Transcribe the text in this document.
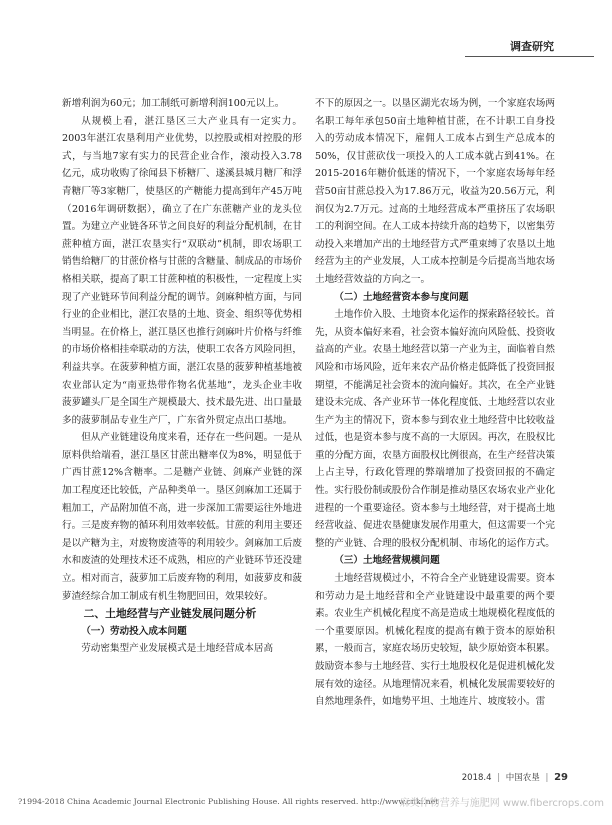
调查研究

新增利润为60元；加工制纸可新增利润100元以上。

从规模上看，湛江垦区三大产业具有一定实力。2003年湛江农垦利用产业优势，以控股或相对控股的形式，与当地7家有实力的民营企业合作，滚动投入3.78 亿元，成功收购了徐闻县下桥糖厂、遂溪县城月糖厂和浮青糖厂等3家糖厂，使垦区的产糖能力提高到年产45万吨（2016年调研数据），确立了在广东蔗糖产业的龙头位置。为建立产业链各环节之间良好的利益分配机制，在甘蔗种植方面，湛江农垦实行“双联动”机制，即农场职工销售给糖厂的甘蔗价格与甘蔗的含糖量、制成品的市场价格相关联，提高了职工甘蔗种植的积极性，一定程度上实现了产业链环节间利益分配的调节。剑麻种植方面，与同行业的企业相比，湛江农垦的土地、资金、组织等优势相当明显。在价格上，湛江垦区也推行剑麻叶片价格与纤维的市场价格相挂牵联动的方法，使职工农各方风险同担，利益共享。在菠萝种植方面，湛江农垦的菠萝种植基地被农业部认定为“南亚热带作物名优基地”，龙头企业丰收菠萝罐头厂是全国生产规模最大、技术最先进、出口量最多的菠萝制品专业生产厂，广东省外贸定点出口基地。

但从产业链建设角度来看，还存在一些问题。一是从原料供给端看，湛江垦区甘蔗出糖率仅为8%，明显低于广西甘蔗12%含糖率。二是糖产业链、剑麻产业链的深加工程度还比较低，产品种类单一。垦区剑麻加工还属于粗加工，产品附加值不高，进一步深加工需要运往外地进行。三是废弃物的循环利用效率较低。甘蔗的利用主要还是以产糖为主，对废物废渣等的利用较少。剑麻加工后废水和废渣的处理技术还不成熟，相应的产业链环节还没建立。相对而言，菠萝加工后废弃物的利用，如菠萝皮和菠萝渣经综合加工制成有机生物肥回田，效果较好。

二、土地经营与产业链发展问题分析

（一）劳动投入成本问题

劳动密集型产业发展模式是土地经营成本居高

不下的原因之一。以垦区湖光农场为例，一个家庭农场两名职工每年承包50亩土地种植甘蔗，在不计职工自身投入的劳动成本情况下，雇佣人工成本占到生产总成本的50%，仅甘蔗砍伐一项投入的人工成本就占到41%。在2015-2016年糖价低迷的情况下，一个家庭农场每年经营50亩甘蔗总投入为17.86万元，收益为20.56万元，利润仅为2.7万元。过高的土地经营成本严重挤压了农场职工的利润空间。在人工成本持续升高的趋势下，以密集劳动投入来增加产出的土地经营方式严重束缚了农垦以土地经营为主的产业发展，人工成本控制是今后提高当地农场土地经营效益的方向之一。

（二）土地经营资本参与度问题

土地作价入股、土地资本化运作的探索路径较长。首先，从资本偏好来看，社会资本偏好流向风险低、投资收益高的产业。农垦土地经营以第一产业为主，面临着自然风险和市场风险，近年来农产品价格走低降低了投资回报期望，不能满足社会资本的流向偏好。其次，在全产业链建设未完成、各产业环节一体化程度低、土地经营以农业生产为主的情况下，资本参与到农业土地经营中比较收益过低，也是资本参与度不高的一大原因。再次，在股权比重的分配方面，农垦方面股权比例很高，在生产经营决策上占主导，行政化管理的弊端增加了投资回报的不确定性。实行股份制或股份合作制是推动垦区农场农业产业化进程的一个重要途径。资本参与土地经营，对于提高土地经营收益、促进农垦健康发展作用重大，但这需要一个完整的产业链、合理的股权分配机制、市场化的运作方式。

（三）土地经营规模问题

土地经营规模过小，不符合全产业链建设需要。资本和劳动力是土地经营和全产业链建设中最重要的两个要素。农业生产机械化程度不高是造成土地规模化程度低的一个重要原因。机械化程度的提高有赖于资本的原始积累，一般而言，家庭农场历史较短，缺少原始资本积累。鼓励资本参与土地经营、实行土地股权化是促进机械化发展有效的途径。从地理情况来看，机械化发展需要较好的自然地理条件，如地势平坦、土地连片、坡度较小。雷

2018.4 | 中国农垦 | 29
?1994-2018 China Academic Journal Electronic Publishing House. All rights reserved. http://www.cnki.net
麻类作物营养与施肥网 www.fibercrops.com
